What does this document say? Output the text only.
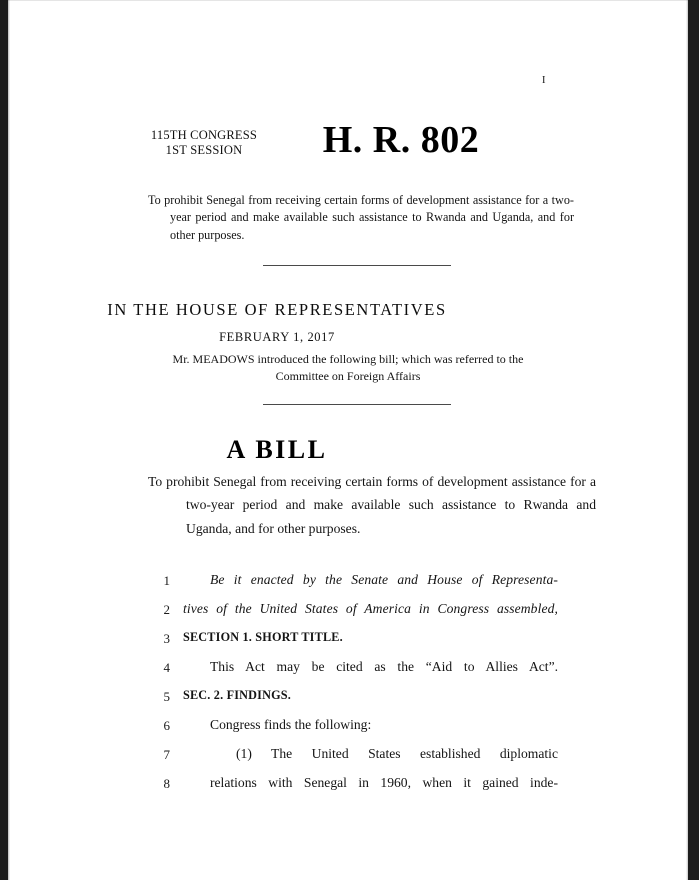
I
115TH CONGRESS
1ST SESSION	H. R. 802
To prohibit Senegal from receiving certain forms of development assistance for a two-year period and make available such assistance to Rwanda and Uganda, and for other purposes.
IN THE HOUSE OF REPRESENTATIVES
FEBRUARY 1, 2017
Mr. MEADOWS introduced the following bill; which was referred to the
Committee on Foreign Affairs
A BILL
To prohibit Senegal from receiving certain forms of development assistance for a two-year period and make available such assistance to Rwanda and Uganda, and for other purposes.
1	Be it enacted by the Senate and House of Representa-
2 tives of the United States of America in Congress assembled,
3 SECTION 1. SHORT TITLE.
4	This Act may be cited as the “Aid to Allies Act”.
5 SEC. 2. FINDINGS.
6	Congress finds the following:
7	(1) The United States established diplomatic
8	relations with Senegal in 1960, when it gained inde-
